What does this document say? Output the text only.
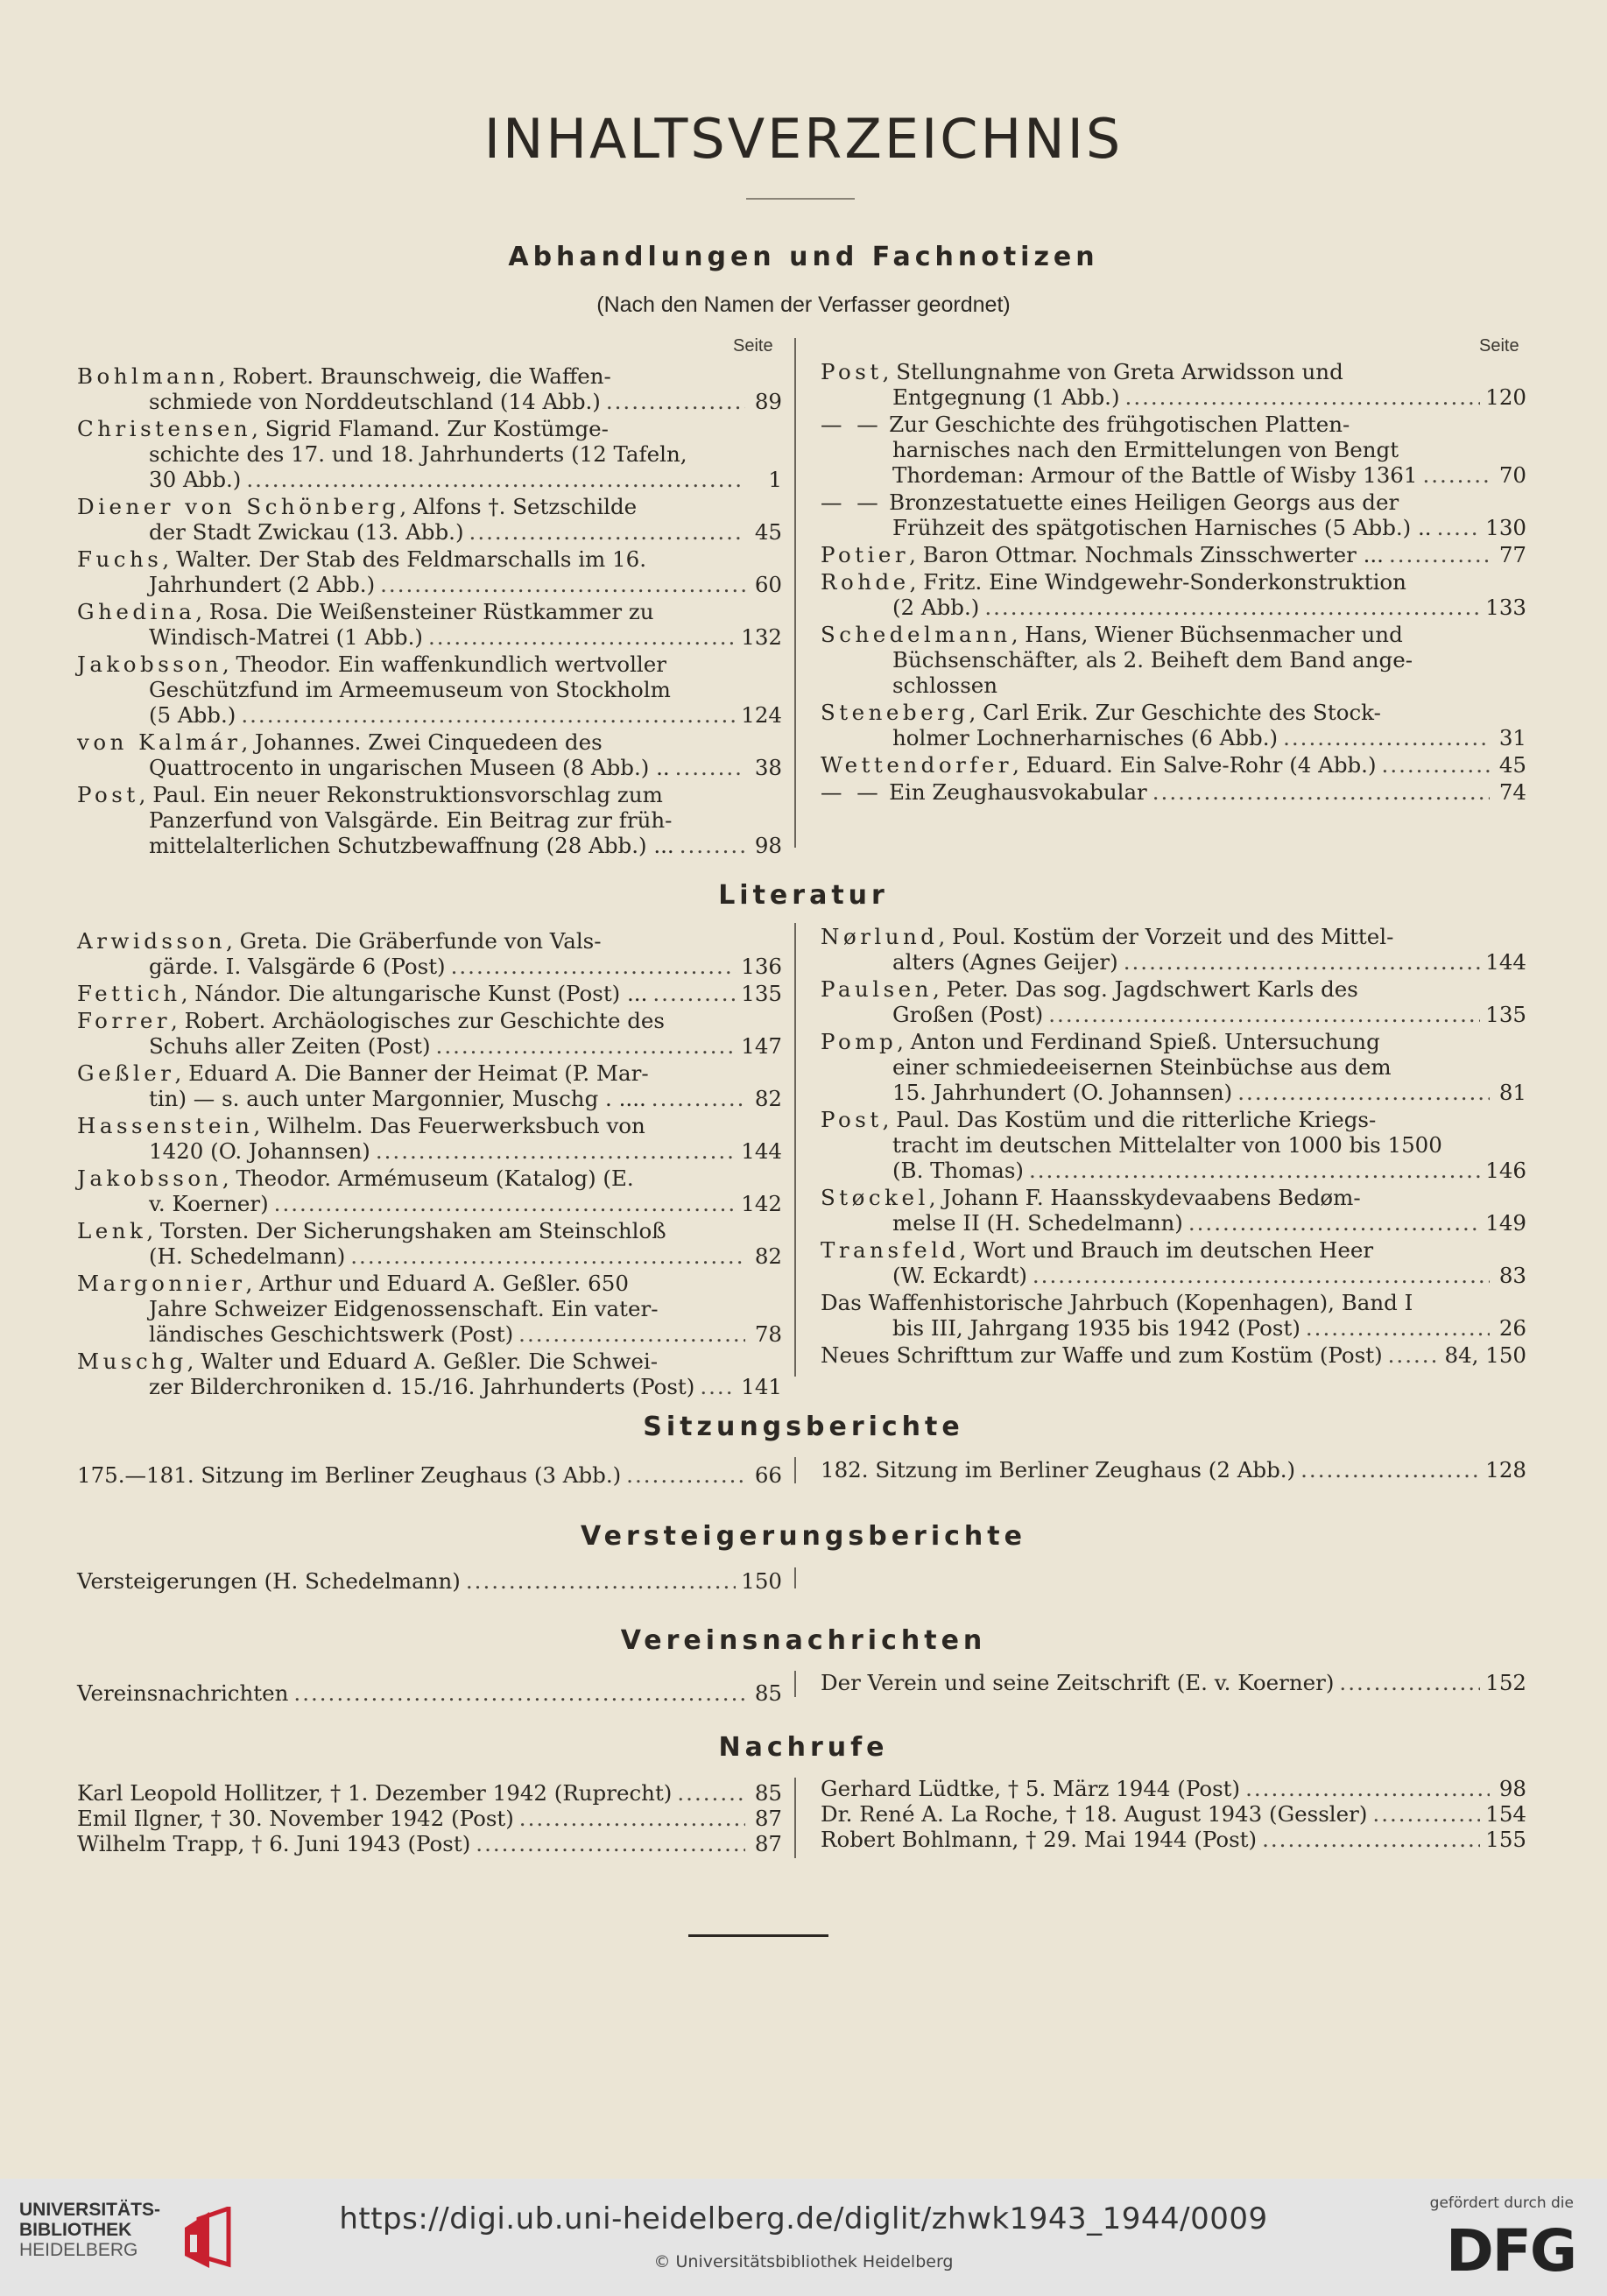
INHALTSVERZEICHNIS
Abhandlungen und Fachnotizen
(Nach den Namen der Verfasser geordnet)
Seite	Seite
Bohlmann , Robert. Braunschweig, die Waffen-
schmiede von Norddeutschland (14 Abb.) .....	89
Christensen , Sigrid Flamand. Zur Kostümge-
schichte des 17. und 18. Jahrhunderts (12 Tafeln,
30 Abb.) .....	1
Diener von Schönberg , Alfons †. Setzschilde
der Stadt Zwickau (13. Abb.) .....	45
Fuchs , Walter. Der Stab des Feldmarschalls im 16.
Jahrhundert (2 Abb.) .....	60
Ghedina , Rosa. Die Weißensteiner Rüstkammer zu
Windisch-Matrei (1 Abb.) .....	132
Jakobsson , Theodor. Ein waffenkundlich wertvoller
Geschützfund im Armeemuseum von Stockholm
(5 Abb.) .....	124
von Kalmár , Johannes. Zwei Cinquedeen des
Quattrocento in ungarischen Museen (8 Abb.) .. .....	38
Post , Paul. Ein neuer Rekonstruktionsvorschlag zum
Panzerfund von Valsgärde. Ein Beitrag zur früh-
mittelalterlichen Schutzbewaffnung (28 Abb.) ... .....	98
Post , Stellungnahme von Greta Arwidsson und
Entgegnung (1 Abb.) .....	120
— —
Zur Geschichte des frühgotischen Platten-
harnisches nach den Ermittelungen von Bengt
Thordeman: Armour of the Battle of Wisby 1361 .....	70
— —
Bronzestatuette eines Heiligen Georgs aus der
Frühzeit des spätgotischen Harnisches (5 Abb.) .. .....	130
Potier , Baron Ottmar. Nochmals Zinsschwerter ... .....	77
Rohde , Fritz. Eine Windgewehr-Sonderkonstruktion
(2 Abb.) .....	133
Schedelmann , Hans, Wiener Büchsenmacher und
Büchsenschäfter, als 2. Beiheft dem Band ange-
schlossen
Steneberg , Carl Erik. Zur Geschichte des Stock-
holmer Lochnerharnisches (6 Abb.) .....	31
Wettendorfer , Eduard. Ein Salve-Rohr (4 Abb.) .....	45
— —
Ein Zeughausvokabular .....	74
Literatur
Arwidsson , Greta. Die Gräberfunde von Vals-
gärde. I. Valsgärde 6 (Post) .....	136
Fettich , Nándor. Die altungarische Kunst (Post) ... .....	135
Forrer , Robert. Archäologisches zur Geschichte des
Schuhs aller Zeiten (Post) .....	147
Geßler , Eduard A. Die Banner der Heimat (P. Mar-
tin) — s. auch unter Margonnier, Muschg . .... .....	82
Hassenstein , Wilhelm. Das Feuerwerksbuch von
1420 (O. Johannsen) .....	144
Jakobsson , Theodor. Armémuseum (Katalog) (E.
v. Koerner) .....	142
Lenk , Torsten. Der Sicherungshaken am Steinschloß
(H. Schedelmann) .....	82
Margonnier , Arthur und Eduard A. Geßler. 650
Jahre Schweizer Eidgenossenschaft. Ein vater-
ländisches Geschichtswerk (Post) .....	78
Muschg , Walter und Eduard A. Geßler. Die Schwei-
zer Bilderchroniken d. 15./16. Jahrhunderts (Post) ..... 141
Nørlund , Poul. Kostüm der Vorzeit und des Mittel-
alters (Agnes Geijer) .....	144
Paulsen , Peter. Das sog. Jagdschwert Karls des
Großen (Post) .....	135
Pomp , Anton und Ferdinand Spieß. Untersuchung
einer schmiedeeisernen Steinbüchse aus dem
15. Jahrhundert (O. Johannsen) .....	81
Post , Paul. Das Kostüm und die ritterliche Kriegs-
tracht im deutschen Mittelalter von 1000 bis 1500
(B. Thomas) .....	146
Støckel , Johann F. Haansskydevaabens Bedøm-
melse II (H. Schedelmann) .....	149
Transfeld , Wort und Brauch im deutschen Heer
(W. Eckardt) .....	83
Das Waffenhistorische Jahrbuch (Kopenhagen), Band I
bis III, Jahrgang 1935 bis 1942 (Post) .....	26
Neues Schrifttum zur Waffe und zum Kostüm (Post) .....	84, 150
Sitzungsberichte
175.—181. Sitzung im Berliner Zeughaus (3 Abb.) .....	66 182. Sitzung im Berliner Zeughaus (2 Abb.) .....	128
Versteigerungsberichte
Versteigerungen (H. Schedelmann) .....	150
Vereinsnachrichten
Vereinsnachrichten .....	85 Der Verein und seine Zeitschrift (E. v. Koerner) .....	152
Nachrufe
Karl Leopold Hollitzer, † 1. Dezember 1942 (Ruprecht) .....	85
Emil Ilgner, † 30. November 1942 (Post) .....	87
Wilhelm Trapp, † 6. Juni 1943 (Post) .....	87
Gerhard Lüdtke, † 5. März 1944 (Post) .....	98
Dr. René A. La Roche, † 18. August 1943 (Gessler) .....	154
Robert Bohlmann, † 29. Mai 1944 (Post) .....	155
UNIVERSITÄTS-
BIBLIOTHEK
HEIDELBERG
https://digi.ub.uni-heidelberg.de/diglit/zhwk1943_1944/0009
© Universitätsbibliothek Heidelberg
gefördert durch die
DFG
